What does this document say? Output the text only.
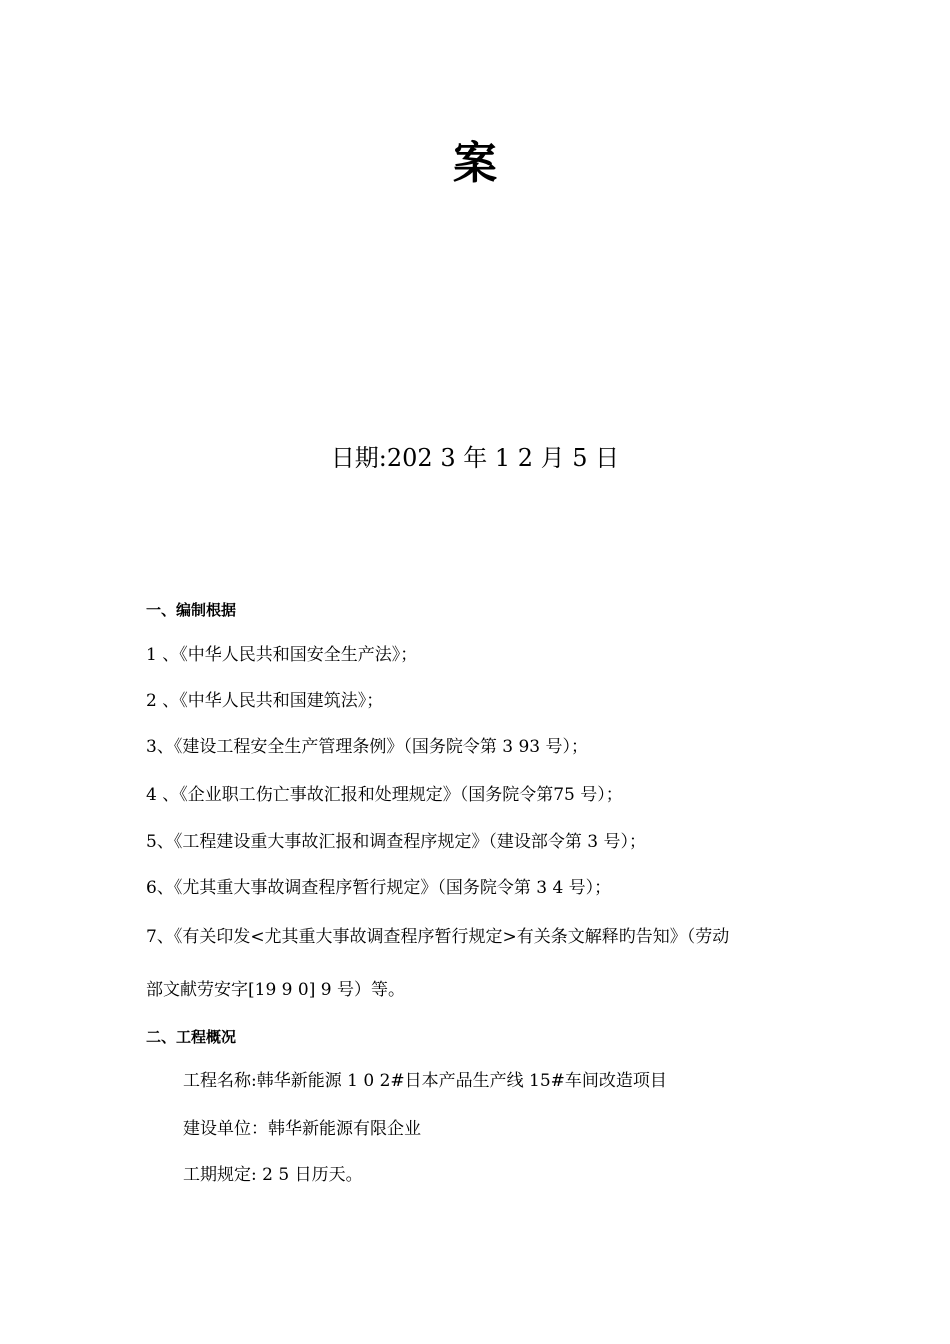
案
日期:202 3 年 1 2 月 5 日
一、编制根据
1 、《中华人民共和国安全生产法》；
2 、《中华人民共和国建筑法》；
3、《建设工程安全生产管理条例》（国务院令第 3 93 号）；
4 、《企业职工伤亡事故汇报和处理规定》（国务院令第75 号）；
5、《工程建设重大事故汇报和调查程序规定》（建设部令第 3 号）；
6、《尤其重大事故调查程序暂行规定》（国务院令第 3 4 号）；
7、《有关印发<尤其重大事故调查程序暂行规定>有关条文解释旳告知》（劳动
部文献劳安字[19 9 0] 9 号）等。
二、工程概况
工程名称:韩华新能源 1 0 2#日本产品生产线 15#车间改造项目
建设单位：韩华新能源有限企业
工期规定: 2 5 日历天。
